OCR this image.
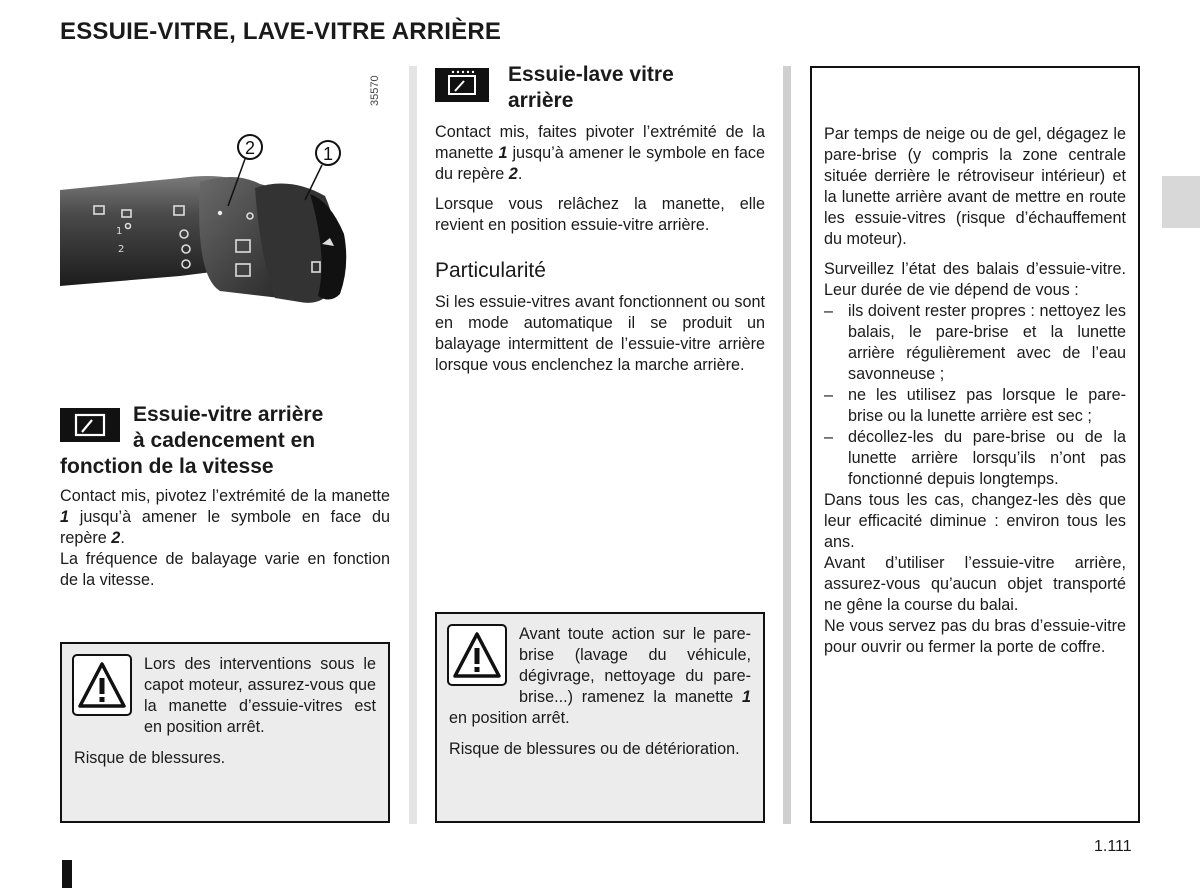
ESSUIE-VITRE, LAVE-VITRE ARRIÈRE
1
2
2	1
35570
Essuie-vitre arrière
à cadencement en
fonction de la vitesse

Contact mis, pivotez l’extrémité de la manette 1 jusqu’à amener le symbole en face du repère 2.

La fréquence de balayage varie en fonction de la vitesse.

Lors des interventions sous le capot moteur, assurez-vous que la manette d’essuie-vitres est en position arrêt.

Risque de blessures.

Essuie-lave vitre
arrière

Contact mis, faites pivoter l’extrémité de la manette 1 jusqu’à amener le symbole en face du repère 2.

Lorsque vous relâchez la manette, elle revient en position essuie-vitre arrière.

Particularité

Si les essuie-vitres avant fonctionnent ou sont en mode automatique il se produit un balayage intermittent de l’essuie-vitre arrière lorsque vous enclenchez la marche arrière.

Avant toute action sur le pare-brise (lavage du véhicule, dégivrage, nettoyage du pare-brise...) ramenez la manette 1 en position arrêt.

Risque de blessures ou de détérioration.

Par temps de neige ou de gel, dégagez le pare-brise (y compris la zone centrale située derrière le rétroviseur intérieur) et la lunette arrière avant de mettre en route les essuie-vitres (risque d’échauffement du moteur).

Surveillez l’état des balais d’essuie-vitre. Leur durée de vie dépend de vous :

– ils doivent rester propres : nettoyez les balais, le pare-brise et la lunette arrière régulièrement avec de l’eau savonneuse ;

– ne les utilisez pas lorsque le pare-brise ou la lunette arrière est sec ;

– décollez-les du pare-brise ou de la lunette arrière lorsqu’ils n’ont pas fonctionné depuis longtemps.

Dans tous les cas, changez-les dès que leur efficacité diminue : environ tous les ans.

Avant d’utiliser l’essuie-vitre arrière, assurez-vous qu’aucun objet transporté ne gêne la course du balai.

Ne vous servez pas du bras d’essuie-vitre pour ouvrir ou fermer la porte de coffre.

1.111
